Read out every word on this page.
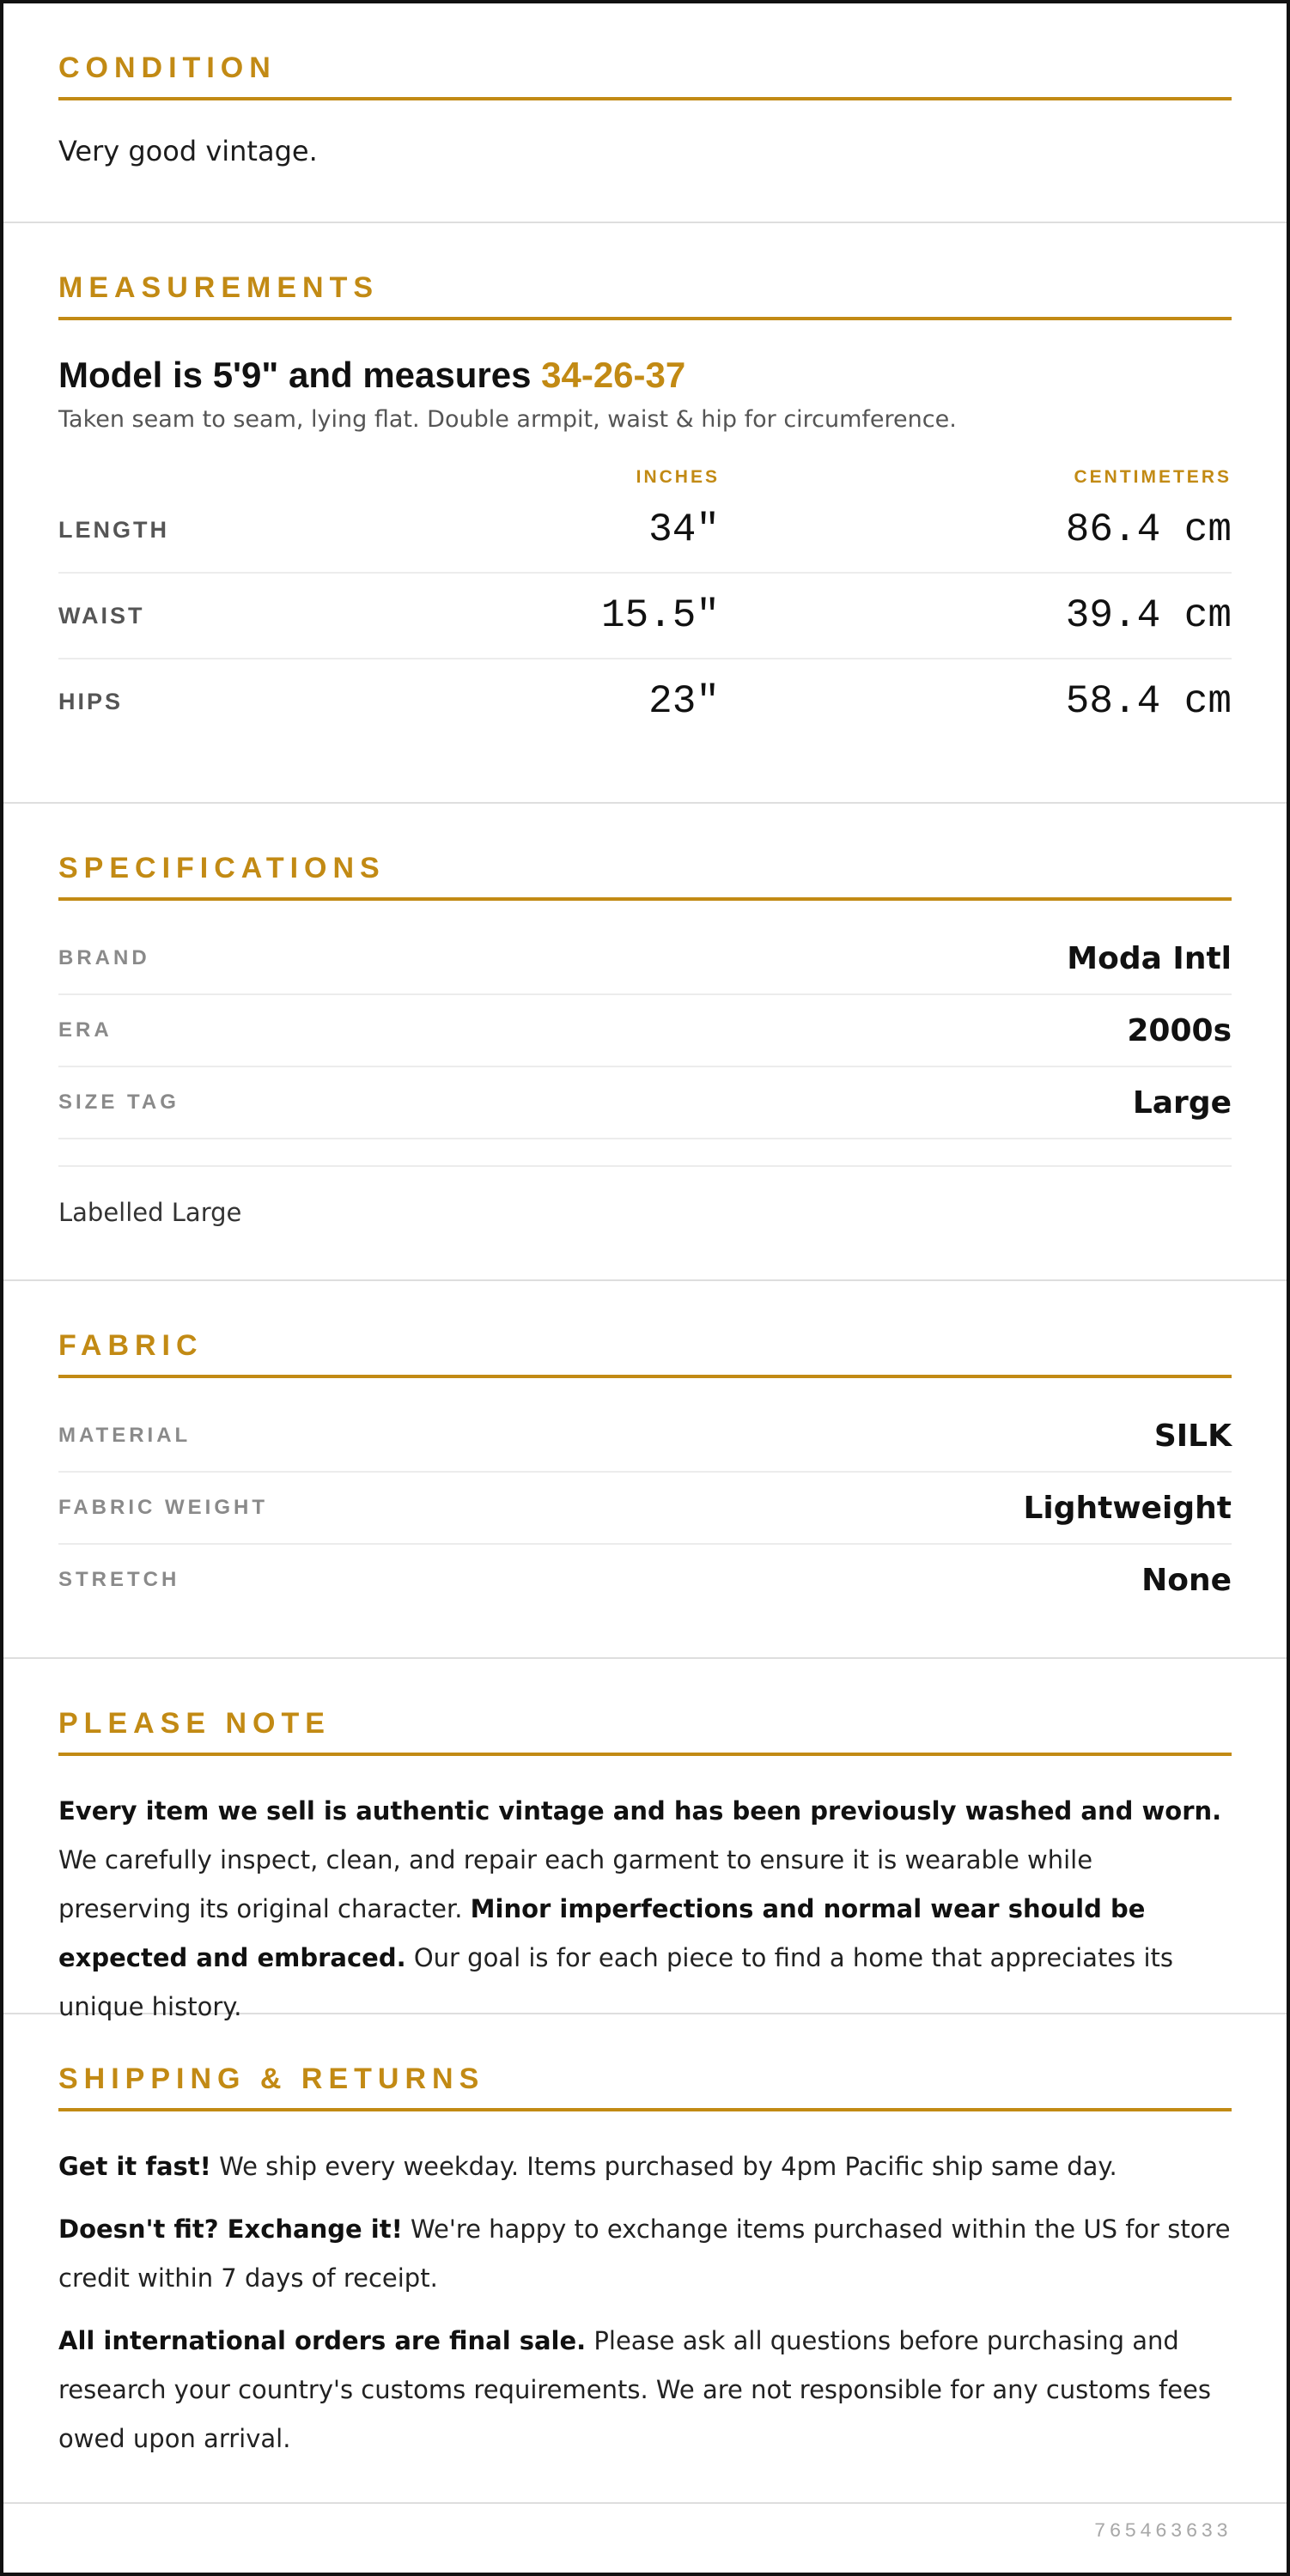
CONDITION
Very good vintage.
MEASUREMENTS
Model is 5'9" and measures 34-26-37
Taken seam to seam, lying flat. Double armpit, waist & hip for circumference.
INCHES	CENTIMETERS
LENGTH	34"	86.4 cm
WAIST	15.5"	39.4 cm
HIPS	23"	58.4 cm
SPECIFICATIONS
BRAND	Moda Intl
ERA	2000s
SIZE TAG	Large
Labelled Large
FABRIC
MATERIAL	SILK
FABRIC WEIGHT	Lightweight
STRETCH	None
PLEASE NOTE

Every item we sell is authentic vintage and has been previously washed and worn. We carefully inspect, clean, and repair each garment to ensure it is wearable while preserving its original character. Minor imperfections and normal wear should be expected and embraced. Our goal is for each piece to find a home that appreciates its unique history.

SHIPPING & RETURNS

Get it fast! We ship every weekday. Items purchased by 4pm Pacific ship same day.

Doesn't fit? Exchange it! We're happy to exchange items purchased within the US for store credit within 7 days of receipt.

All international orders are final sale. Please ask all questions before purchasing and research your country's customs requirements. We are not responsible for any customs fees owed upon arrival.

765463633
